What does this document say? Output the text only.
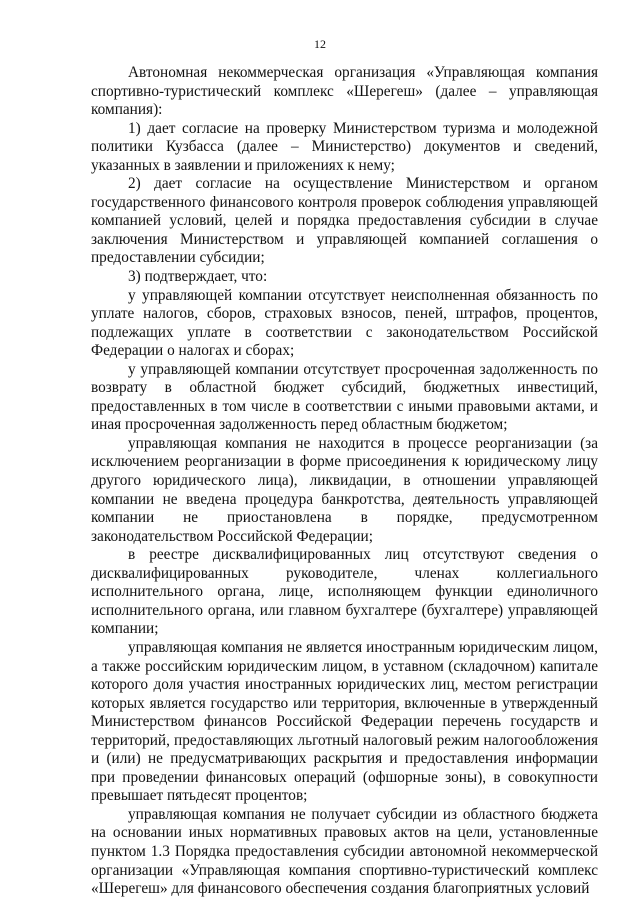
12

Автономная некоммерческая организация «Управляющая компания спортивно-туристический комплекс «Шерегеш» (далее – управляющая компания):

1) дает согласие на проверку Министерством туризма и молодежной политики Кузбасса (далее – Министерство) документов и сведений, указанных в заявлении и приложениях к нему;

2) дает согласие на осуществление Министерством и органом государственного финансового контроля проверок соблюдения управляющей компанией условий, целей и порядка предоставления субсидии в случае заключения Министерством и управляющей компанией соглашения о предоставлении субсидии;

3) подтверждает, что:

у управляющей компании отсутствует неисполненная обязанность по уплате налогов, сборов, страховых взносов, пеней, штрафов, процентов, подлежащих уплате в соответствии с законодательством Российской Федерации о налогах и сборах;

у управляющей компании отсутствует просроченная задолженность по возврату в областной бюджет субсидий, бюджетных инвестиций, предоставленных в том числе в соответствии с иными правовыми актами, и иная просроченная задолженность перед областным бюджетом;

управляющая компания не находится в процессе реорганизации (за исключением реорганизации в форме присоединения к юридическому лицу другого юридического лица), ликвидации, в отношении управляющей компании не введена процедура банкротства, деятельность управляющей компании не приостановлена в порядке, предусмотренном законодательством Российской Федерации;

в реестре дисквалифицированных лиц отсутствуют сведения о дисквалифицированных руководителе, членах коллегиального исполнительного органа, лице, исполняющем функции единоличного исполнительного органа, или главном бухгалтере (бухгалтере) управляющей компании;

управляющая компания не является иностранным юридическим лицом, а также российским юридическим лицом, в уставном (складочном) капитале которого доля участия иностранных юридических лиц, местом регистрации которых является государство или территория, включенные в утвержденный Министерством финансов Российской Федерации перечень государств и территорий, предоставляющих льготный налоговый режим налогообложения и (или) не предусматривающих раскрытия и предоставления информации при проведении финансовых операций (офшорные зоны), в совокупности превышает пятьдесят процентов;

управляющая компания не получает субсидии из областного бюджета на основании иных нормативных правовых актов на цели, установленные пунктом 1.3 Порядка предоставления субсидии автономной некоммерческой организации «Управляющая компания спортивно-туристический комплекс «Шерегеш» для финансового обеспечения создания благоприятных условий
